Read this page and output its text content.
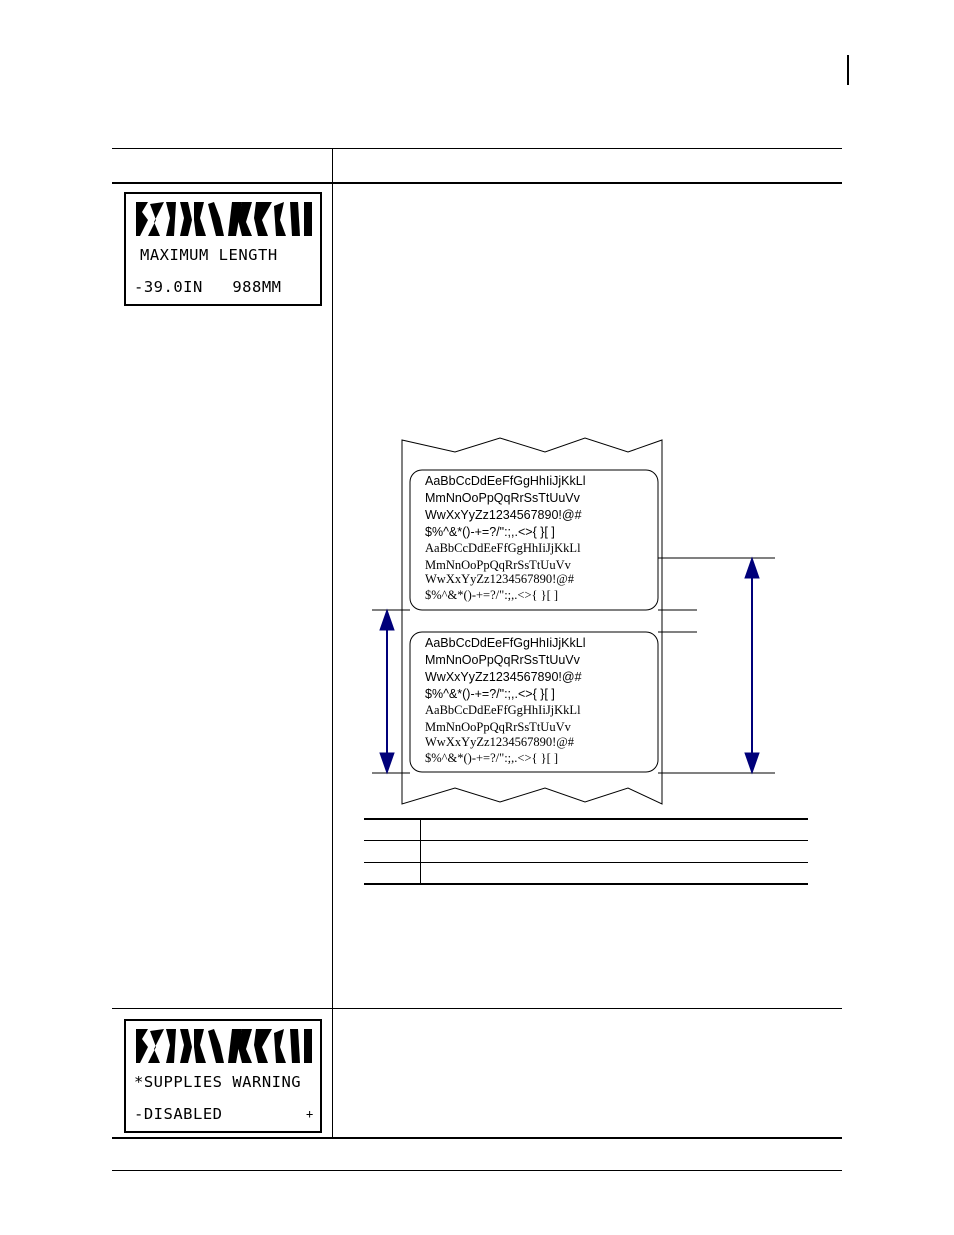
MAXIMUM LENGTH
-39.0IN   988MM
*SUPPLIES WARNING
-DISABLED	+
AaBbCcDdEeFfGgHhIiJjKkLl
MmNnOoPpQqRrSsTtUuVv
WwXxYyZz1234567890!@#
$%^&*()-+=?/":;,.<>{ }[ ]
AaBbCcDdEeFfGgHhIiJjKkLl
MmNnOoPpQqRrSsTtUuVv
WwXxYyZz1234567890!@#
$%^&*()-+=?/":;,.<>{ }[ ]
AaBbCcDdEeFfGgHhIiJjKkLl
MmNnOoPpQqRrSsTtUuVv
WwXxYyZz1234567890!@#
$%^&*()-+=?/":;,.<>{ }[ ]
AaBbCcDdEeFfGgHhIiJjKkLl
MmNnOoPpQqRrSsTtUuVv
WwXxYyZz1234567890!@#
$%^&*()-+=?/":;,.<>{ }[ ]
